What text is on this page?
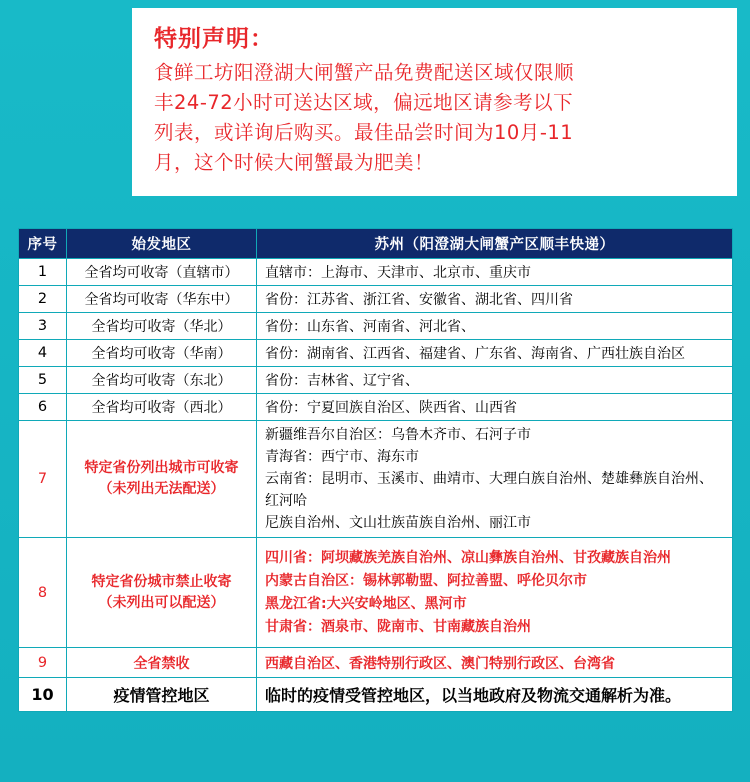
特别声明：
食鲜工坊阳澄湖大闸蟹产品免费配送区域仅限顺
丰24-72小时可送达区域，偏远地区请参考以下
列表，或详询后购买。最佳品尝时间为10月-11
月，这个时候大闸蟹最为肥美！
序号	始发地区	苏州（阳澄湖大闸蟹产区顺丰快递）
1	全省均可收寄（直辖市）	直辖市：上海市、天津市、北京市、重庆市
2	全省均可收寄（华东中）	省份：江苏省、浙江省、安徽省、湖北省、四川省
3	全省均可收寄（华北）	省份：山东省、河南省、河北省、
4	全省均可收寄（华南）	省份：湖南省、江西省、福建省、广东省、海南省、广西壮族自治区
5	全省均可收寄（东北）	省份：吉林省、辽宁省、
6	全省均可收寄（西北）	省份：宁夏回族自治区、陕西省、山西省
7	特定省份列出城市可收寄
（未列出无法配送）	新疆维吾尔自治区：乌鲁木齐市、石河子市
青海省：西宁市、海东市
云南省：昆明市、玉溪市、曲靖市、大理白族自治州、楚雄彝族自治州、红河哈
尼族自治州、文山壮族苗族自治州、丽江市

8	特定省份城市禁止收寄
（未列出可以配送）	四川省：阿坝藏族羌族自治州、凉山彝族自治州、甘孜藏族自治州
内蒙古自治区：锡林郭勒盟、阿拉善盟、呼伦贝尔市
黑龙江省:大兴安岭地区、黑河市
甘肃省：酒泉市、陇南市、甘南藏族自治州

9	全省禁收	西藏自治区、香港特别行政区、澳门特别行政区、台湾省
10	疫情管控地区	临时的疫情受管控地区，以当地政府及物流交通解析为准。
